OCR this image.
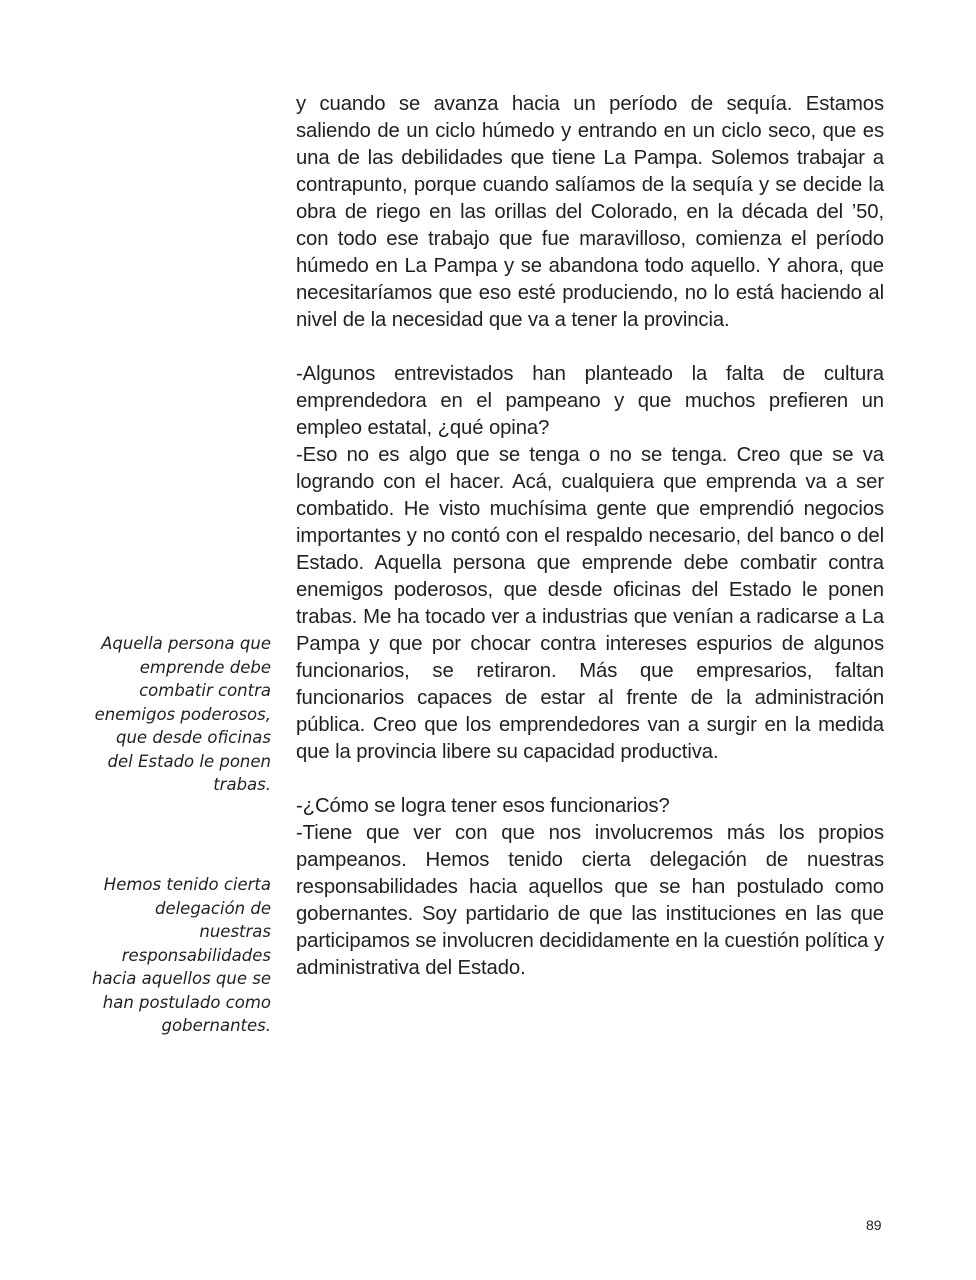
y cuando se avanza hacia un período de sequía. Estamos saliendo de un ciclo húmedo y entrando en un ciclo seco, que es una de las debilidades que tiene La Pampa. Solemos trabajar a contrapunto, porque cuando salíamos de la sequía y se decide la obra de riego en las orillas del Colorado, en la década del ’50, con todo ese trabajo que fue maravilloso, comienza el período húmedo en La Pampa y se abandona todo aquello. Y ahora, que necesitaríamos que eso esté produciendo, no lo está haciendo al nivel de la necesidad que va a tener la provincia.

-Algunos entrevistados han planteado la falta de cultura emprendedora en el pampeano y que muchos prefieren un empleo estatal, ¿qué opina?

-Eso no es algo que se tenga o no se tenga. Creo que se va logrando con el hacer. Acá, cualquiera que emprenda va a ser combatido. He visto muchísima gente que emprendió negocios importantes y no contó con el respaldo necesario, del banco o del Estado. Aquella persona que emprende debe combatir contra enemigos poderosos, que desde oficinas del Estado le ponen trabas. Me ha tocado ver a industrias que venían a radicarse a La Pampa y que por chocar contra intereses espurios de algunos funcionarios, se retiraron. Más que empresarios, faltan funcionarios capaces de estar al frente de la administración pública. Creo que los emprendedores van a surgir en la medida que la provincia libere su capacidad productiva.

-¿Cómo se logra tener esos funcionarios?

-Tiene que ver con que nos involucremos más los propios pampeanos. Hemos tenido cierta delegación de nuestras responsabilidades hacia aquellos que se han postulado como gobernantes. Soy partidario de que las instituciones en las que participamos se involucren decididamente en la cuestión política y administrativa del Estado.

Aquella persona que emprende debe combatir contra enemigos poderosos, que desde oficinas del Estado le ponen trabas.
Hemos tenido cierta delegación de nuestras responsabilidades hacia aquellos que se han postulado como gobernantes.
89
